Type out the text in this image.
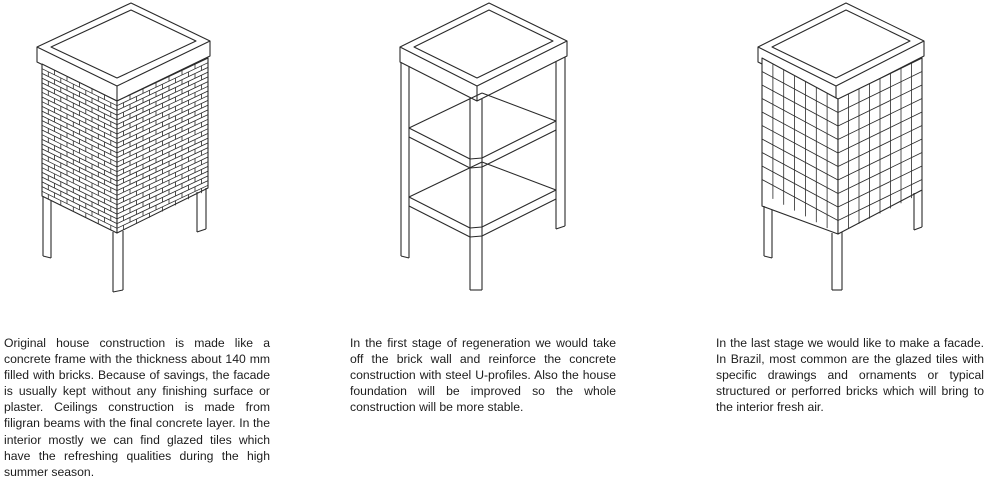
Original house construction is made like a concrete frame with the thickness about 140 mm filled with bricks. Because of savings, the facade is usually kept without any finishing surface or plaster. Ceilings construction is made from filigran beams with the final concrete layer. In the interior mostly we can find glazed tiles which have the refreshing qualities during the high summer season.

In the first stage of regeneration we would take off the brick wall and reinforce the concrete construction with steel U-profiles. Also the house foundation will be improved so the whole construction will be more stable.

In the last stage we would like to make a facade. In Brazil, most common are the glazed tiles with specific drawings and ornaments or typical structured or perforred bricks which will bring to the interior fresh air.
